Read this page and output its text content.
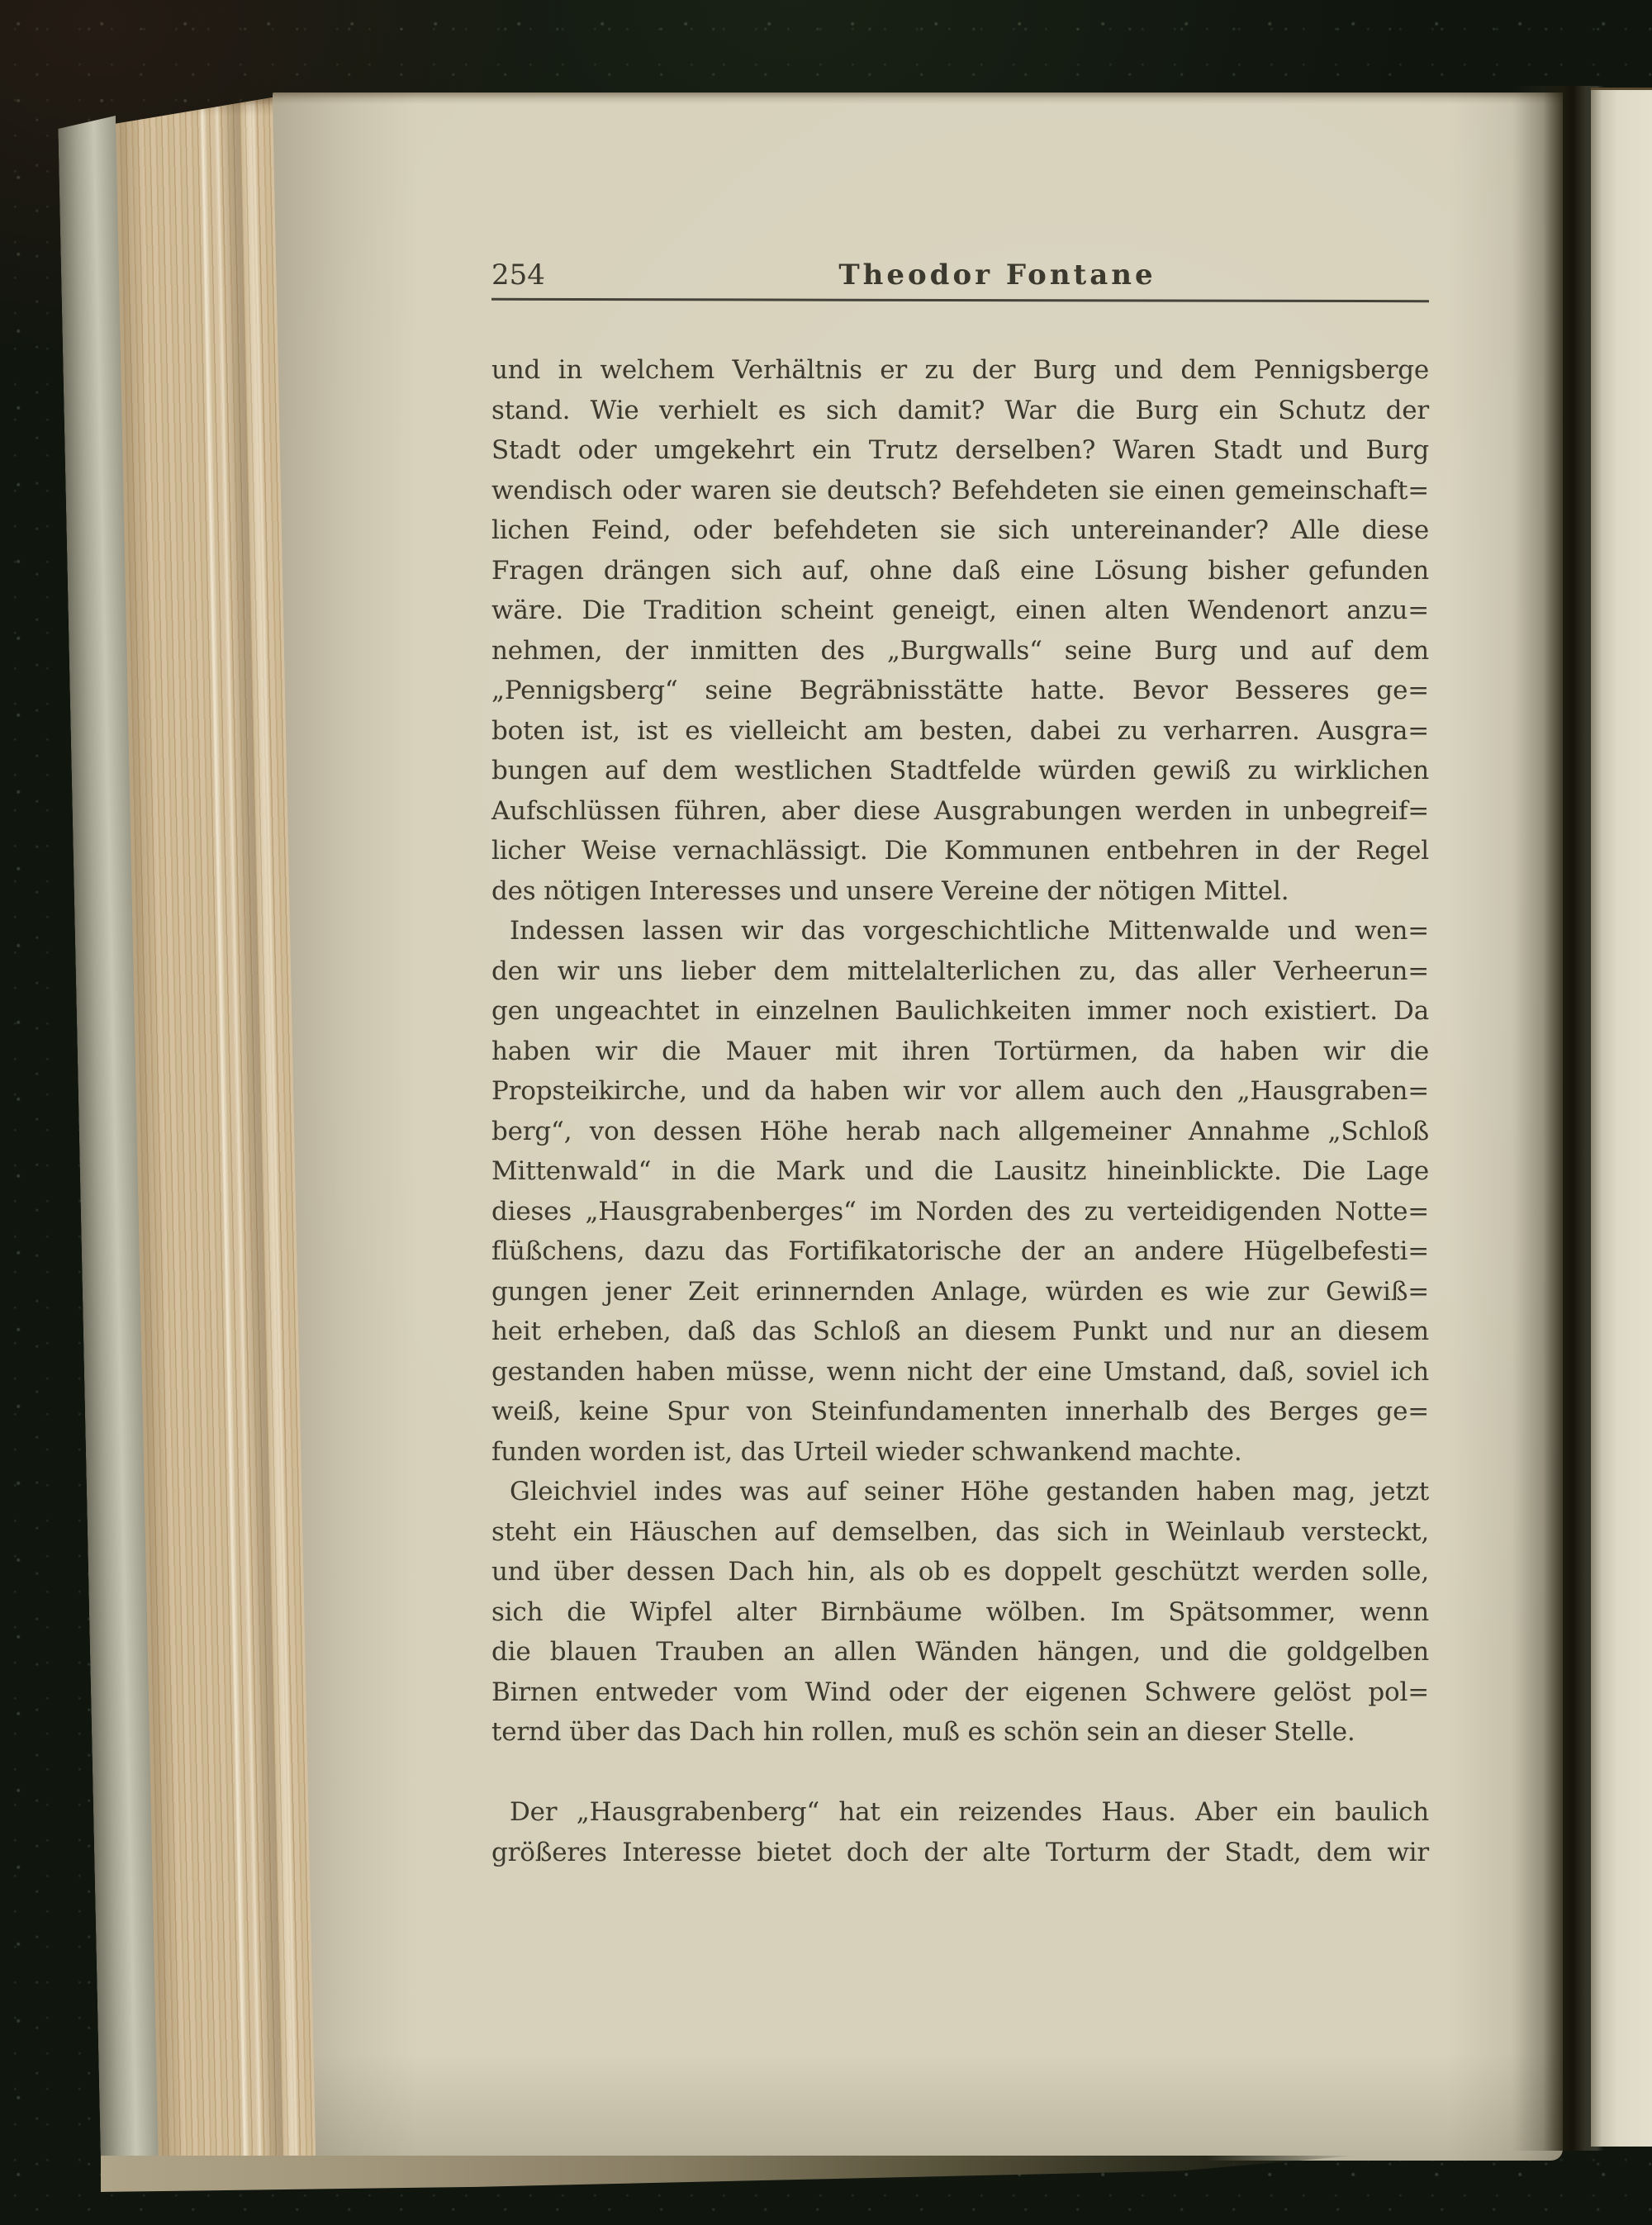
254	Theodor Fontane
und in welchem Verhältnis er zu der Burg und dem Pennigsberge
stand. Wie verhielt es sich damit? War die Burg ein Schutz der
Stadt oder umgekehrt ein Trutz derselben? Waren Stadt und Burg
wendisch oder waren sie deutsch? Befehdeten sie einen gemeinschaft=
lichen Feind, oder befehdeten sie sich untereinander? Alle diese
Fragen drängen sich auf, ohne daß eine Lösung bisher gefunden
wäre. Die Tradition scheint geneigt, einen alten Wendenort anzu=
nehmen, der inmitten des „Burgwalls“ seine Burg und auf dem
„Pennigsberg“ seine Begräbnisstätte hatte. Bevor Besseres ge=
boten ist, ist es vielleicht am besten, dabei zu verharren. Ausgra=
bungen auf dem westlichen Stadtfelde würden gewiß zu wirklichen
Aufschlüssen führen, aber diese Ausgrabungen werden in unbegreif=
licher Weise vernachlässigt. Die Kommunen entbehren in der Regel
des nötigen Interesses und unsere Vereine der nötigen Mittel.
Indessen lassen wir das vorgeschichtliche Mittenwalde und wen=
den wir uns lieber dem mittelalterlichen zu, das aller Verheerun=
gen ungeachtet in einzelnen Baulichkeiten immer noch existiert. Da
haben wir die Mauer mit ihren Tortürmen, da haben wir die
Propsteikirche, und da haben wir vor allem auch den „Hausgraben=
berg“, von dessen Höhe herab nach allgemeiner Annahme „Schloß
Mittenwald“ in die Mark und die Lausitz hineinblickte. Die Lage
dieses „Hausgrabenberges“ im Norden des zu verteidigenden Notte=
flüßchens, dazu das Fortifikatorische der an andere Hügelbefesti=
gungen jener Zeit erinnernden Anlage, würden es wie zur Gewiß=
heit erheben, daß das Schloß an diesem Punkt und nur an diesem
gestanden haben müsse, wenn nicht der eine Umstand, daß, soviel ich
weiß, keine Spur von Steinfundamenten innerhalb des Berges ge=
funden worden ist, das Urteil wieder schwankend machte.
Gleichviel indes was auf seiner Höhe gestanden haben mag, jetzt
steht ein Häuschen auf demselben, das sich in Weinlaub versteckt,
und über dessen Dach hin, als ob es doppelt geschützt werden solle,
sich die Wipfel alter Birnbäume wölben. Im Spätsommer, wenn
die blauen Trauben an allen Wänden hängen, und die goldgelben
Birnen entweder vom Wind oder der eigenen Schwere gelöst pol=
ternd über das Dach hin rollen, muß es schön sein an dieser Stelle.
Der „Hausgrabenberg“ hat ein reizendes Haus. Aber ein baulich
größeres Interesse bietet doch der alte Torturm der Stadt, dem wir
